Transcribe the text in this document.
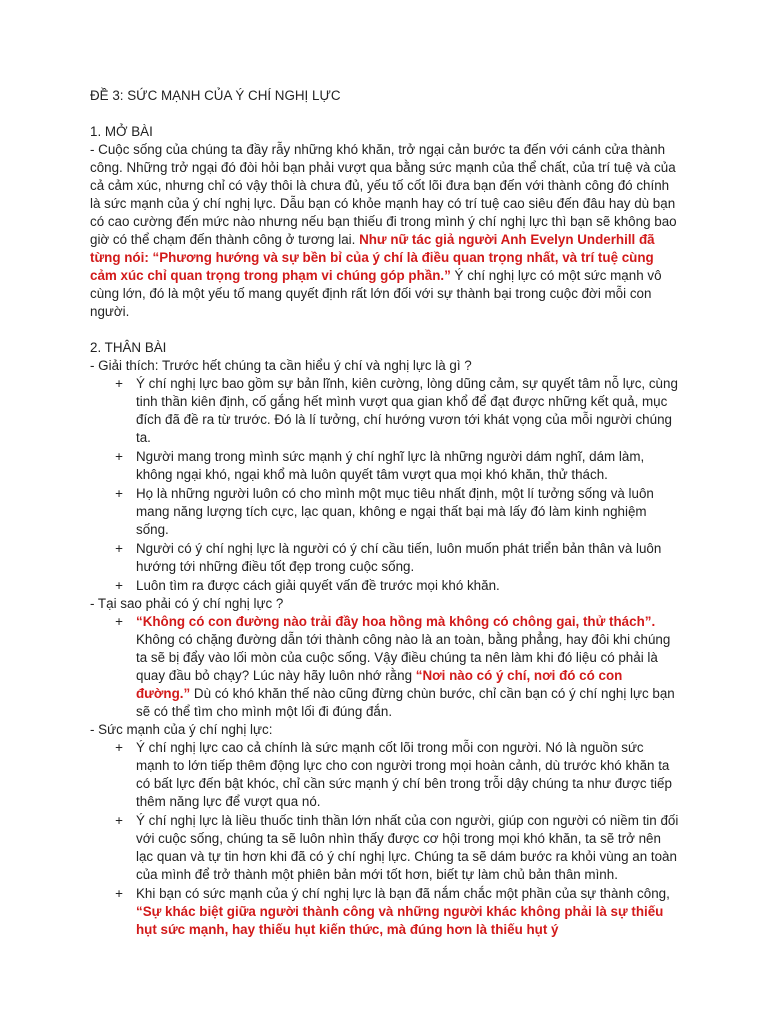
ĐỀ 3: SỨC MẠNH CỦA Ý CHÍ NGHỊ LỰC

1. MỞ BÀI

- Cuộc sống của chúng ta đầy rẫy những khó khăn, trở ngại cản bước ta đến với cánh cửa thành công. Những trở ngại đó đòi hỏi bạn phải vượt qua bằng sức mạnh của thể chất, của trí tuệ và của cả cảm xúc, nhưng chỉ có vậy thôi là chưa đủ, yếu tố cốt lõi đưa bạn đến với thành công đó chính là sức mạnh của ý chí nghị lực. Dẫu bạn có khỏe mạnh hay có trí tuệ cao siêu đến đâu hay dù bạn có cao cường đến mức nào nhưng nếu bạn thiếu đi trong mình ý chí nghị lực thì bạn sẽ không bao giờ có thể chạm đến thành công ở tương lai. Như nữ tác giả người Anh Evelyn Underhill đã từng nói: “Phương hướng và sự bền bỉ của ý chí là điều quan trọng nhất, và trí tuệ cùng cảm xúc chỉ quan trọng trong phạm vi chúng góp phần.” Ý chí nghị lực có một sức mạnh vô cùng lớn, đó là một yếu tố mang quyết định rất lớn đối với sự thành bại trong cuộc đời mỗi con người.

2. THÂN BÀI

- Giải thích: Trước hết chúng ta cần hiểu ý chí và nghị lực là gì ?

+ Ý chí nghị lực bao gồm sự bản lĩnh, kiên cường, lòng dũng cảm, sự quyết tâm nỗ lực, cùng tinh thần kiên định, cố gắng hết mình vượt qua gian khổ để đạt được những kết quả, mục đích đã đề ra từ trước. Đó là lí tưởng, chí hướng vươn tới khát vọng của mỗi người chúng ta.
+ Người mang trong mình sức mạnh ý chí nghĩ lực là những người dám nghĩ, dám làm, không ngại khó, ngại khổ mà luôn quyết tâm vượt qua mọi khó khăn, thử thách.
+ Họ là những người luôn có cho mình một mục tiêu nhất định, một lí tưởng sống và luôn mang năng lượng tích cực, lạc quan, không e ngại thất bại mà lấy đó làm kinh nghiệm sống.
+ Người có ý chí nghị lực là người có ý chí cầu tiến, luôn muốn phát triển bản thân và luôn hướng tới những điều tốt đẹp trong cuộc sống.
+ Luôn tìm ra được cách giải quyết vấn đề trước mọi khó khăn.

- Tại sao phải có ý chí nghị lực ?

+ “Không có con đường nào trải đầy hoa hồng mà không có chông gai, thử thách”. Không có chặng đường dẫn tới thành công nào là an toàn, bằng phẳng, hay đôi khi chúng ta sẽ bị đẩy vào lối mòn của cuộc sống. Vậy điều chúng ta nên làm khi đó liệu có phải là quay đầu bỏ chạy? Lúc này hãy luôn nhớ rằng “Nơi nào có ý chí, nơi đó có con đường.” Dù có khó khăn thế nào cũng đừng chùn bước, chỉ cần bạn có ý chí nghị lực bạn sẽ có thể tìm cho mình một lối đi đúng đắn.

- Sức mạnh của ý chí nghị lực:

+ Ý chí nghị lực cao cả chính là sức mạnh cốt lõi trong mỗi con người. Nó là nguồn sức mạnh to lớn tiếp thêm động lực cho con người trong mọi hoàn cảnh, dù trước khó khăn ta có bất lực đến bật khóc, chỉ cần sức mạnh ý chí bên trong trỗi dậy chúng ta như được tiếp thêm năng lực để vượt qua nó.
+ Ý chí nghị lực là liều thuốc tinh thần lớn nhất của con người, giúp con người có niềm tin đối với cuộc sống, chúng ta sẽ luôn nhìn thấy được cơ hội trong mọi khó khăn, ta sẽ trở nên lạc quan và tự tin hơn khi đã có ý chí nghị lực. Chúng ta sẽ dám bước ra khỏi vùng an toàn của mình để trở thành một phiên bản mới tốt hơn, biết tự làm chủ bản thân mình.
+ Khi bạn có sức mạnh của ý chí nghị lực là bạn đã nắm chắc một phần của sự thành công, “Sự khác biệt giữa người thành công và những người khác không phải là sự thiếu hụt sức mạnh, hay thiếu hụt kiến thức, mà đúng hơn là thiếu hụt ý
